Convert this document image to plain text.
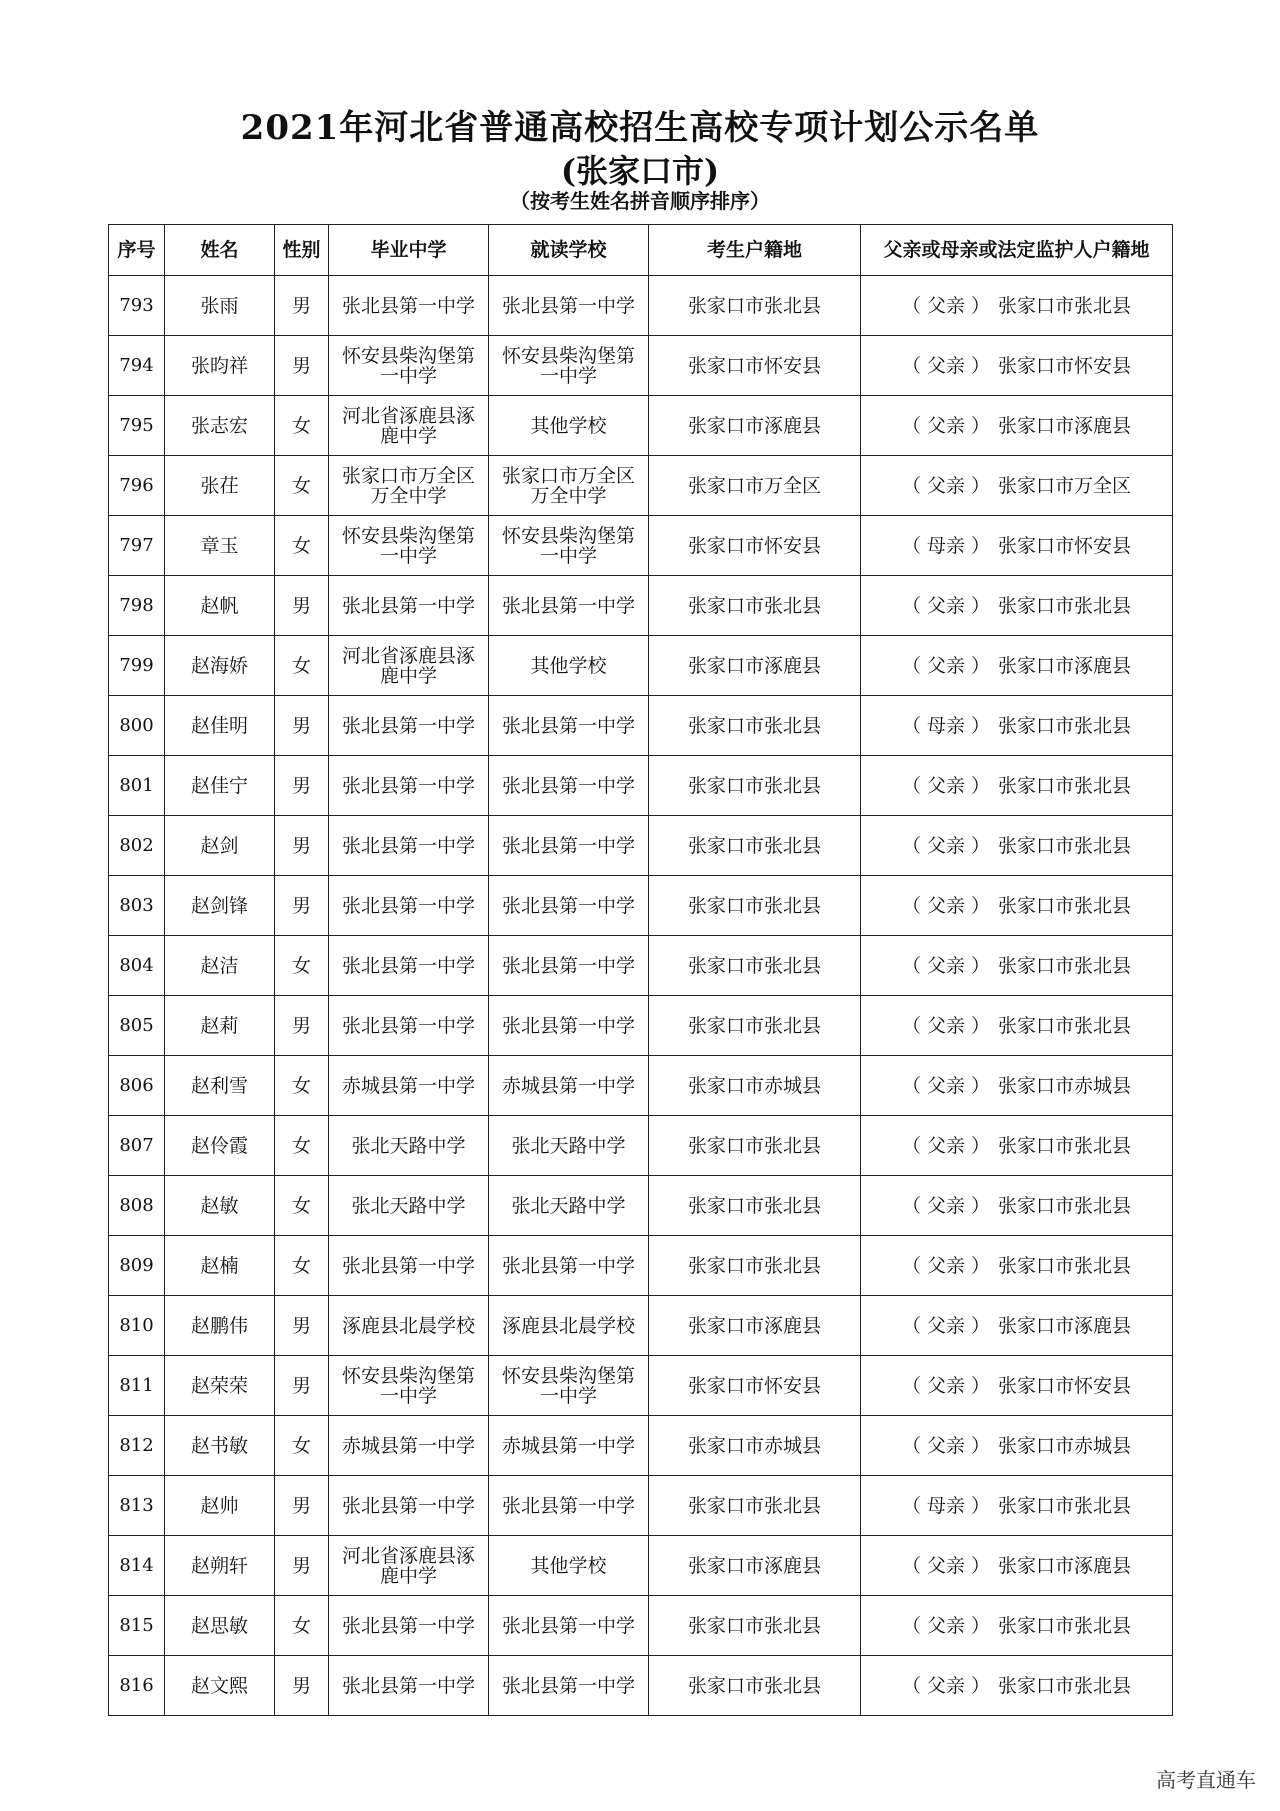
2021年河北省普通高校招生高校专项计划公示名单
(张家口市)
（按考生姓名拼音顺序排序）
序号	姓名	性别	毕业中学	就读学校	考生户籍地	父亲或母亲或法定监护人户籍地
793	张雨	男	张北县第一中学	张北县第一中学	张家口市张北县	（ 父亲 ） 张家口市张北县
794	张昀祥	男	怀安县柴沟堡第一中学	怀安县柴沟堡第一中学	张家口市怀安县	（ 父亲 ） 张家口市怀安县
795	张志宏	女	河北省涿鹿县涿鹿中学	其他学校	张家口市涿鹿县	（ 父亲 ） 张家口市涿鹿县
796	张茌	女	张家口市万全区万全中学	张家口市万全区万全中学	张家口市万全区	（ 父亲 ） 张家口市万全区
797	章玉	女	怀安县柴沟堡第一中学	怀安县柴沟堡第一中学	张家口市怀安县	（ 母亲 ） 张家口市怀安县
798	赵帆	男	张北县第一中学	张北县第一中学	张家口市张北县	（ 父亲 ） 张家口市张北县
799	赵海娇	女	河北省涿鹿县涿鹿中学	其他学校	张家口市涿鹿县	（ 父亲 ） 张家口市涿鹿县
800	赵佳明	男	张北县第一中学	张北县第一中学	张家口市张北县	（ 母亲 ） 张家口市张北县
801	赵佳宁	男	张北县第一中学	张北县第一中学	张家口市张北县	（ 父亲 ） 张家口市张北县
802	赵剑	男	张北县第一中学	张北县第一中学	张家口市张北县	（ 父亲 ） 张家口市张北县
803	赵剑锋	男	张北县第一中学	张北县第一中学	张家口市张北县	（ 父亲 ） 张家口市张北县
804	赵洁	女	张北县第一中学	张北县第一中学	张家口市张北县	（ 父亲 ） 张家口市张北县
805	赵莉	男	张北县第一中学	张北县第一中学	张家口市张北县	（ 父亲 ） 张家口市张北县
806	赵利雪	女	赤城县第一中学	赤城县第一中学	张家口市赤城县	（ 父亲 ） 张家口市赤城县
807	赵伶霞	女	张北天路中学	张北天路中学	张家口市张北县	（ 父亲 ） 张家口市张北县
808	赵敏	女	张北天路中学	张北天路中学	张家口市张北县	（ 父亲 ） 张家口市张北县
809	赵楠	女	张北县第一中学	张北县第一中学	张家口市张北县	（ 父亲 ） 张家口市张北县
810	赵鹏伟	男	涿鹿县北晨学校	涿鹿县北晨学校	张家口市涿鹿县	（ 父亲 ） 张家口市涿鹿县
811	赵荣荣	男	怀安县柴沟堡第一中学	怀安县柴沟堡第一中学	张家口市怀安县	（ 父亲 ） 张家口市怀安县
812	赵书敏	女	赤城县第一中学	赤城县第一中学	张家口市赤城县	（ 父亲 ） 张家口市赤城县
813	赵帅	男	张北县第一中学	张北县第一中学	张家口市张北县	（ 母亲 ） 张家口市张北县
814	赵朔轩	男	河北省涿鹿县涿鹿中学	其他学校	张家口市涿鹿县	（ 父亲 ） 张家口市涿鹿县
815	赵思敏	女	张北县第一中学	张北县第一中学	张家口市张北县	（ 父亲 ） 张家口市张北县
816	赵文熙	男	张北县第一中学	张北县第一中学	张家口市张北县	（ 父亲 ） 张家口市张北县
高考直通车
